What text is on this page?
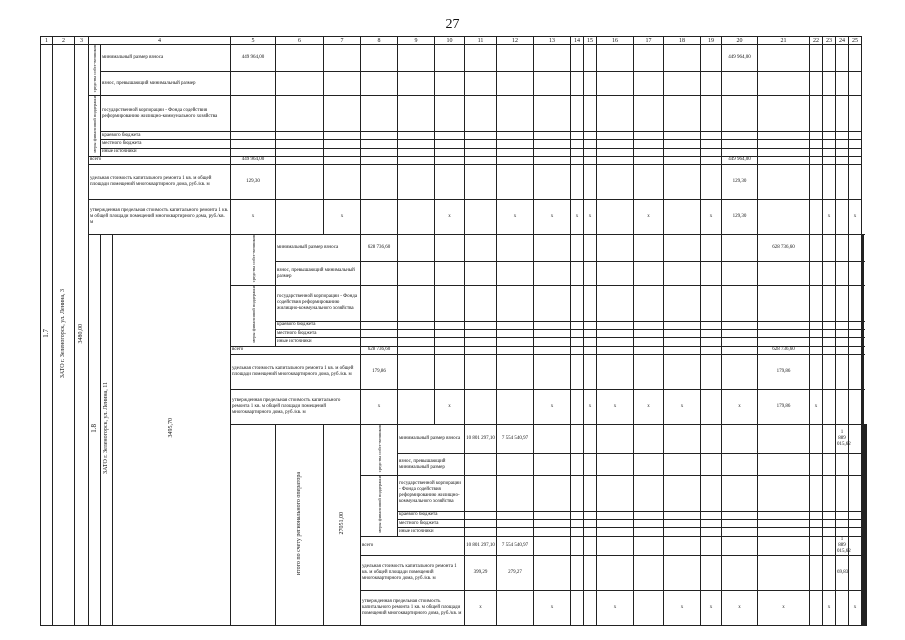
27
1	2	3	4			5	6	7	8	9	10	11	12	13	14	15	16	17	18	19	20	21	22	23	24	25			
1.7	ЗАТО г. Зеленогорск, ул. Ленина, 3	3480,00	средства собст-венников	минимальный размер взноса		449 964,00															449 964,00								
				взнос, превышающий минимальный размер																									
			меры финансовой поддержки	государственной корпорации - Фонда содействия реформированию жилищно-коммунального хозяйства																									
				краевого бюджета																									
				местного бюджета																									
				иные источники																									
			всего			449 964,00															449 964,00								
			удельная стоимость капитального ремонта 1 кв. м общей площади помещений многоквартирного дома, руб./кв. м			129,30															129,30								
			утвержденная предельная стоимость капитального ремонта 1 кв. м общей площади помещений многоквартирного дома, руб./кв. м			х		х			х		х	х	х	х		х		х	129,30			х		х			
			1.8	ЗАТО г. Зеленогорск, ул. Ленина, 11	3495,70	средства собст-венников	минимальный размер взноса		628 736,60													628 736,60							
							взнос, превышающий минимальный размер																						
						меры финансовой поддержки	государственной корпорации - Фонда содействия реформированию жилищно-коммунального хозяйства																						
							краевого бюджета																						
							местного бюджета																						
							иные источники																						
						всего			628 736,60													628 736,60							
						удельная стоимость капитального ремонта 1 кв. м общей площади помещений многоквартирного дома, руб./кв. м			179,86													179,86							
						утвержденная предельная стоимость капитального ремонта 1 кв. м общей площади помещений многоквартирного дома, руб./кв. м			х		х			х		х	х	х	х		х	179,86	х						
							итого по счету регионального оператора	27051,00	средства собст-венников	минимальный размер взноса		10 801 297,10	7 554 540,97												1 889 015,62							
										взнос, превышающий минимальный размер																					
									меры финансовой поддержки	государственной корпорации - Фонда содействия реформированию жилищно-коммунального хозяйства																					
										краевого бюджета																					
										местного бюджета																					
										иные источники																					
									всего			10 801 297,10	7 554 540,97												1 889 015,62							
									удельная стоимость капитального ремонта 1 кв. м общей площади помещений многоквартирного дома, руб./кв. м			399,29	279,27												69,83							
									утвержденная предельная стоимость капитального ремонта 1 кв. м общей площади помещений многоквартирного дома, руб./кв. м			х		х			х		х	х	х	х		х		х						
